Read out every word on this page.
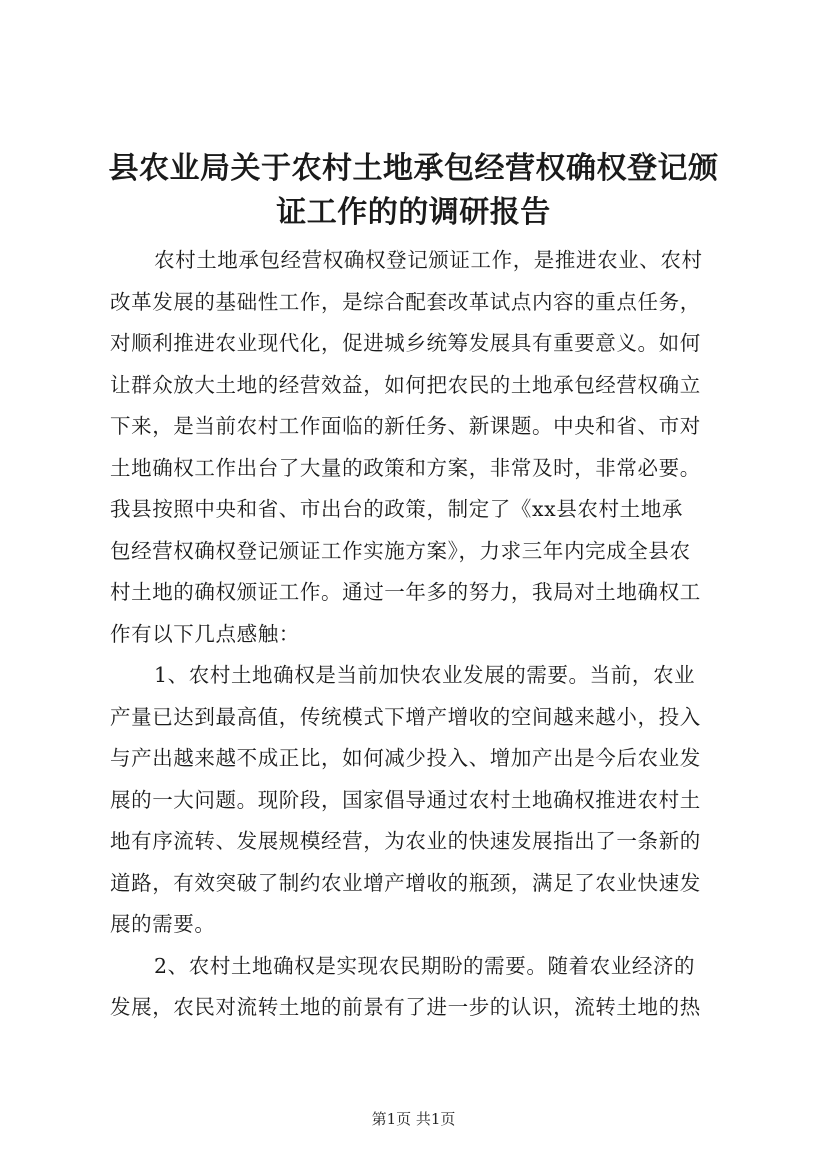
县农业局关于农村土地承包经营权确权登记颁
证工作的的调研报告
农村土地承包经营权确权登记颁证工作，是推进农业、农村
改革发展的基础性工作，是综合配套改革试点内容的重点任务，
对顺利推进农业现代化，促进城乡统筹发展具有重要意义。如何
让群众放大土地的经营效益，如何把农民的土地承包经营权确立
下来，是当前农村工作面临的新任务、新课题。中央和省、市对
土地确权工作出台了大量的政策和方案，非常及时，非常必要。
我县按照中央和省、市出台的政策，制定了《xx县农村土地承
包经营权确权登记颁证工作实施方案》，力求三年内完成全县农
村土地的确权颁证工作。通过一年多的努力，我局对土地确权工
作有以下几点感触：
1、农村土地确权是当前加快农业发展的需要。当前，农业
产量已达到最高值，传统模式下增产增收的空间越来越小，投入
与产出越来越不成正比，如何减少投入、增加产出是今后农业发
展的一大问题。现阶段，国家倡导通过农村土地确权推进农村土
地有序流转、发展规模经营，为农业的快速发展指出了一条新的
道路，有效突破了制约农业增产增收的瓶颈，满足了农业快速发
展的需要。
2、农村土地确权是实现农民期盼的需要。随着农业经济的
发展，农民对流转土地的前景有了进一步的认识，流转土地的热
第1页 共1页
